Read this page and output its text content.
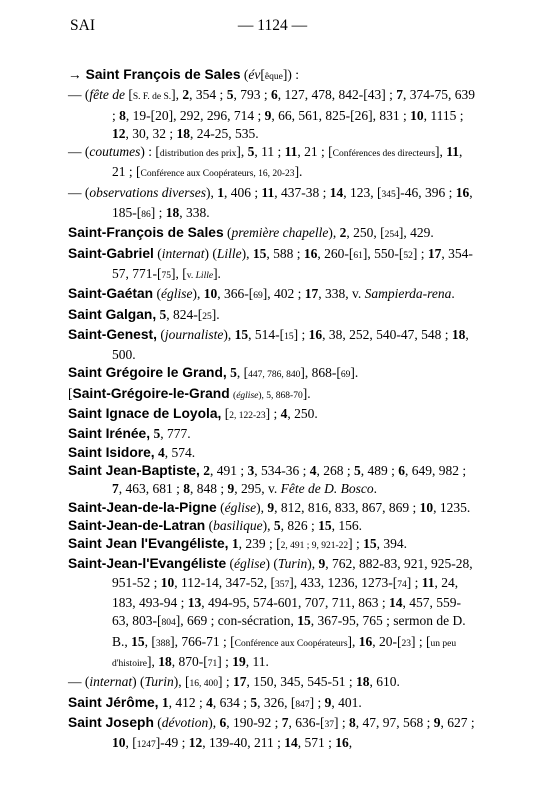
SAI	— 1124 —
→ Saint François de Sales (év[êque]) :
— (fête de [S. F. de S.], 2, 354 ; 5, 793 ; 6, 127, 478, 842-[43] ; 7, 374-75, 639 ; 8, 19-[20], 292, 296, 714 ; 9, 66, 561, 825-[26], 831 ; 10, 1115 ; 12, 30, 32 ; 18, 24-25, 535.
— (coutumes) : [distribution des prix], 5, 11 ; 11, 21 ; [Conférences des directeurs], 11, 21 ; [Conférence aux Coopérateurs, 16, 20-23].
— (observations diverses), 1, 406 ; 11, 437-38 ; 14, 123, [345]-46, 396 ; 16, 185-[86] ; 18, 338.
Saint-François de Sales (première chapelle), 2, 250, [254], 429.
Saint-Gabriel (internat) (Lille), 15, 588 ; 16, 260-[61], 550-[52] ; 17, 354-57, 771-[75], [v. Lille].
Saint-Gaétan (église), 10, 366-[69], 402 ; 17, 338, v. Sampierda-rena.
Saint Galgan, 5, 824-[25].
Saint-Genest, (journaliste), 15, 514-[15] ; 16, 38, 252, 540-47, 548 ; 18, 500.
Saint Grégoire le Grand, 5, [447, 786, 840], 868-[69].
[Saint-Grégoire-le-Grand (église), 5, 868-70].
Saint Ignace de Loyola, [2, 122-23] ; 4, 250.
Saint Irénée, 5, 777.
Saint Isidore, 4, 574.
Saint Jean-Baptiste, 2, 491 ; 3, 534-36 ; 4, 268 ; 5, 489 ; 6, 649, 982 ; 7, 463, 681 ; 8, 848 ; 9, 295, v. Fête de D. Bosco.
Saint-Jean-de-la-Pigne (église), 9, 812, 816, 833, 867, 869 ; 10, 1235.
Saint-Jean-de-Latran (basilique), 5, 826 ; 15, 156.
Saint Jean l'Evangéliste, 1, 239 ; [2, 491 ; 9, 921-22] ; 15, 394.
Saint-Jean-l'Evangéliste (église) (Turin), 9, 762, 882-83, 921, 925-28, 951-52 ; 10, 112-14, 347-52, [357], 433, 1236, 1273-[74] ; 11, 24, 183, 493-94 ; 13, 494-95, 574-601, 707, 711, 863 ; 14, 457, 559-63, 803-[804], 669 ; con-sécration, 15, 367-95, 765 ; sermon de D. B., 15, [388], 766-71 ; [Conférence aux Coopérateurs], 16, 20-[23] ; [un peu d'histoire], 18, 870-[71] ; 19, 11.
— (internat) (Turin), [16, 400] ; 17, 150, 345, 545-51 ; 18, 610.
Saint Jérôme, 1, 412 ; 4, 634 ; 5, 326, [847] ; 9, 401.
Saint Joseph (dévotion), 6, 190-92 ; 7, 636-[37] ; 8, 47, 97, 568 ; 9, 627 ; 10, [1247]-49 ; 12, 139-40, 211 ; 14, 571 ; 16,
